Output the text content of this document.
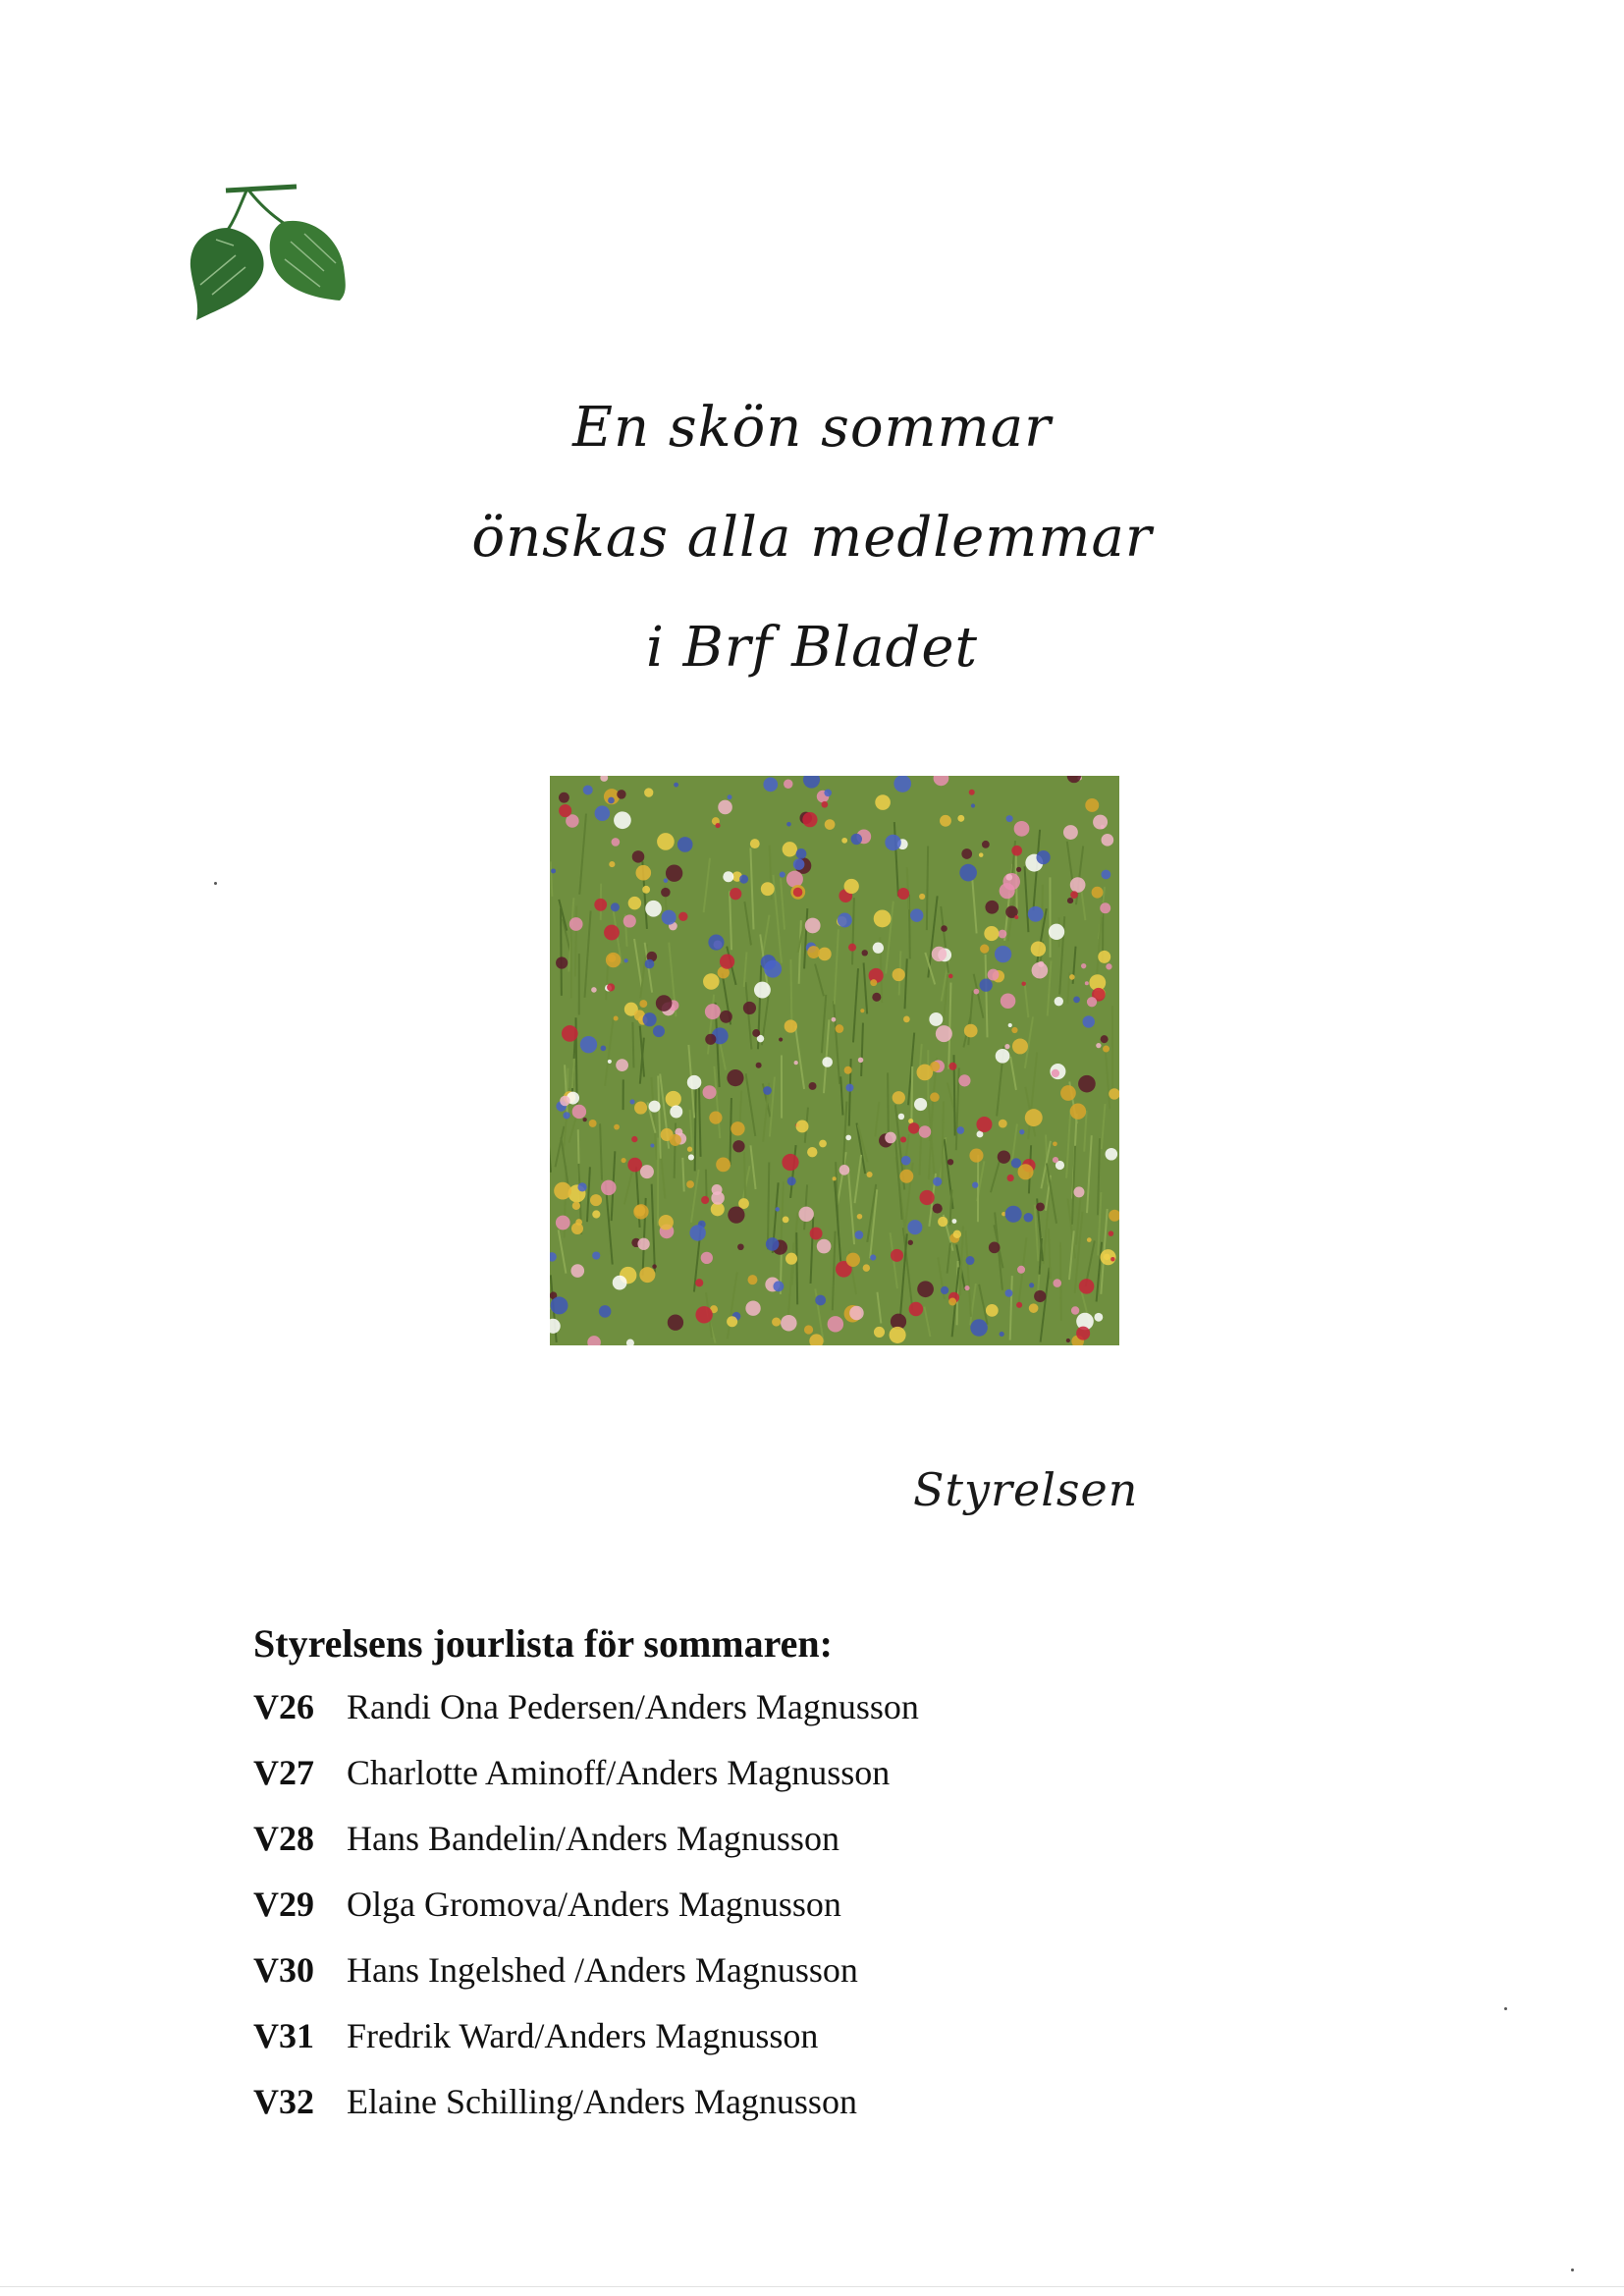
En skön sommar
önskas alla medlemmar
i Brf Bladet
Styrelsen
Styrelsens jourlista för sommaren:
V26 Randi Ona Pedersen/Anders Magnusson
V27 Charlotte Aminoff/Anders Magnusson
V28 Hans Bandelin/Anders Magnusson
V29 Olga Gromova/Anders Magnusson
V30 Hans Ingelshed /Anders Magnusson
V31 Fredrik Ward/Anders Magnusson
V32 Elaine Schilling/Anders Magnusson
